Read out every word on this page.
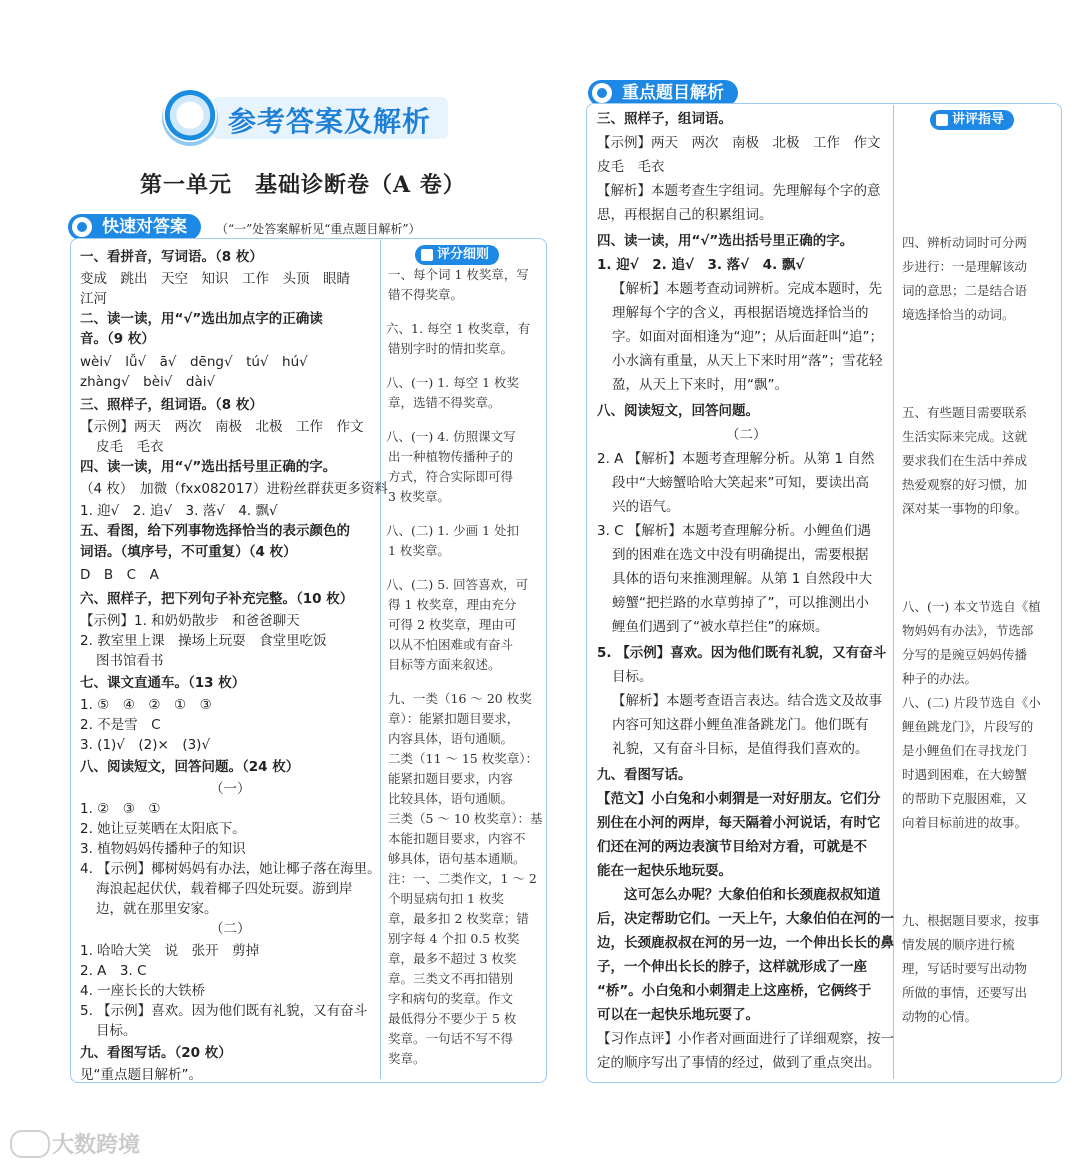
参考答案及解析
第一单元　基础诊断卷（A 卷）
快速对答案	（“一”处答案解析见“重点题目解析”）
评分细则
一、看拼音，写词语。（8 枚）
变成　跳出　天空　知识　工作　头顶　眼睛
江河
二、读一读，用“√”选出加点字的正确读
音。（9 枚）
wèi√　lǚ√　ā√　dēng√　tú√　hú√
zhàng√　bèi√　dài√
三、照样子，组词语。（8 枚）
【示例】两天　两次　南极　北极　工作　作文
皮毛　毛衣
四、读一读，用“√”选出括号里正确的字。
（4 枚）　加微（fxx082017）进粉丝群获更多资料
1. 迎√　2. 追√　3. 落√　4. 飘√
五、看图，给下列事物选择恰当的表示颜色的
词语。（填序号，不可重复）（4 枚）
D　B　C　A
六、照样子，把下列句子补充完整。（10 枚）
【示例】1. 和奶奶散步　和爸爸聊天
2. 教室里上课　操场上玩耍　食堂里吃饭
图书馆看书
七、课文直通车。（13 枚）
1. ⑤　④　②　①　③
2. 不是雪　C
3. (1)√　(2)×　(3)√
八、阅读短文，回答问题。（24 枚）
（一）
1. ②　③　①
2. 她让豆荚晒在太阳底下。
3. 植物妈妈传播种子的知识
4. 【示例】椰树妈妈有办法，她让椰子落在海里。
海浪起起伏伏，载着椰子四处玩耍。游到岸
边，就在那里安家。
（二）
1. 哈哈大笑　说　张开　剪掉
2. A　3. C
4. 一座长长的大铁桥
5. 【示例】喜欢。因为他们既有礼貌，又有奋斗
目标。
九、看图写话。（20 枚）
见“重点题目解析”。
一、每个词 1 枚奖章，写
错不得奖章。
六、1. 每空 1 枚奖章，有
错别字时的情扣奖章。
八、(一) 1. 每空 1 枚奖
章，选错不得奖章。
八、(一) 4. 仿照课文写
出一种植物传播种子的
方式，符合实际即可得
3 枚奖章。
八、(二) 1. 少画 1 处扣
1 枚奖章。
八、(二) 5. 回答喜欢，可
得 1 枚奖章，理由充分
可得 2 枚奖章，理由可
以从不怕困难或有奋斗
目标等方面来叙述。
九、一类（16 ～ 20 枚奖
章）：能紧扣题目要求，
内容具体，语句通顺。
二类（11 ～ 15 枚奖章）：
能紧扣题目要求，内容
比较具体，语句通顺。
三类（5 ～ 10 枚奖章）：基
本能扣题目要求，内容不
够具体，语句基本通顺。
注：一、二类作文，1 ～ 2
个明显病句扣 1 枚奖
章，最多扣 2 枚奖章；错
别字每 4 个扣 0.5 枚奖
章，最多不超过 3 枚奖
章。三类文不再扣错别
字和病句的奖章。作文
最低得分不要少于 5 枚
奖章。一句话不写不得
奖章。
重点题目解析
讲评指导
三、照样子，组词语。
【示例】两天　两次　南极　北极　工作　作文
皮毛　毛衣
【解析】本题考查生字组词。先理解每个字的意
思，再根据自己的积累组词。
四、读一读，用“√”选出括号里正确的字。
1. 迎√　2. 追√　3. 落√　4. 飘√
【解析】本题考查动词辨析。完成本题时，先
理解每个字的含义，再根据语境选择恰当的
字。如面对面相逢为“迎”；从后面赶叫“追”；
小水滴有重量，从天上下来时用“落”；雪花轻
盈，从天上下来时，用“飘”。
八、阅读短文，回答问题。
（二）
2. A 【解析】本题考查理解分析。从第 1 自然
段中“大螃蟹哈哈大笑起来”可知，要读出高
兴的语气。
3. C 【解析】本题考查理解分析。小鲤鱼们遇
到的困难在选文中没有明确提出，需要根据
具体的语句来推测理解。从第 1 自然段中大
螃蟹“把拦路的水草剪掉了”，可以推测出小
鲤鱼们遇到了“被水草拦住”的麻烦。
5. 【示例】喜欢。因为他们既有礼貌，又有奋斗
目标。
【解析】本题考查语言表达。结合选文及故事
内容可知这群小鲤鱼准备跳龙门。他们既有
礼貌，又有奋斗目标，是值得我们喜欢的。
九、看图写话。
【范文】小白兔和小刺猬是一对好朋友。它们分
别住在小河的两岸，每天隔着小河说话，有时它
们还在河的两边表演节目给对方看，可就是不
能在一起快乐地玩耍。
这可怎么办呢？大象伯伯和长颈鹿叔叔知道
后，决定帮助它们。一天上午，大象伯伯在河的一
边，长颈鹿叔叔在河的另一边，一个伸出长长的鼻
子，一个伸出长长的脖子，这样就形成了一座
“桥”。小白兔和小刺猬走上这座桥，它俩终于
可以在一起快乐地玩耍了。
【习作点评】小作者对画面进行了详细观察，按一
定的顺序写出了事情的经过，做到了重点突出。
四、辨析动词时可分两
步进行：一是理解该动
词的意思；二是结合语
境选择恰当的动词。
五、有些题目需要联系
生活实际来完成。这就
要求我们在生活中养成
热爱观察的好习惯，加
深对某一事物的印象。
八、(一) 本文节选自《植
物妈妈有办法》，节选部
分写的是豌豆妈妈传播
种子的办法。
八、(二) 片段节选自《小
鲤鱼跳龙门》，片段写的
是小鲤鱼们在寻找龙门
时遇到困难，在大螃蟹
的帮助下克服困难，又
向着目标前进的故事。
九、根据题目要求，按事
情发展的顺序进行梳
理，写话时要写出动物
所做的事情，还要写出
动物的心情。
大数跨境
